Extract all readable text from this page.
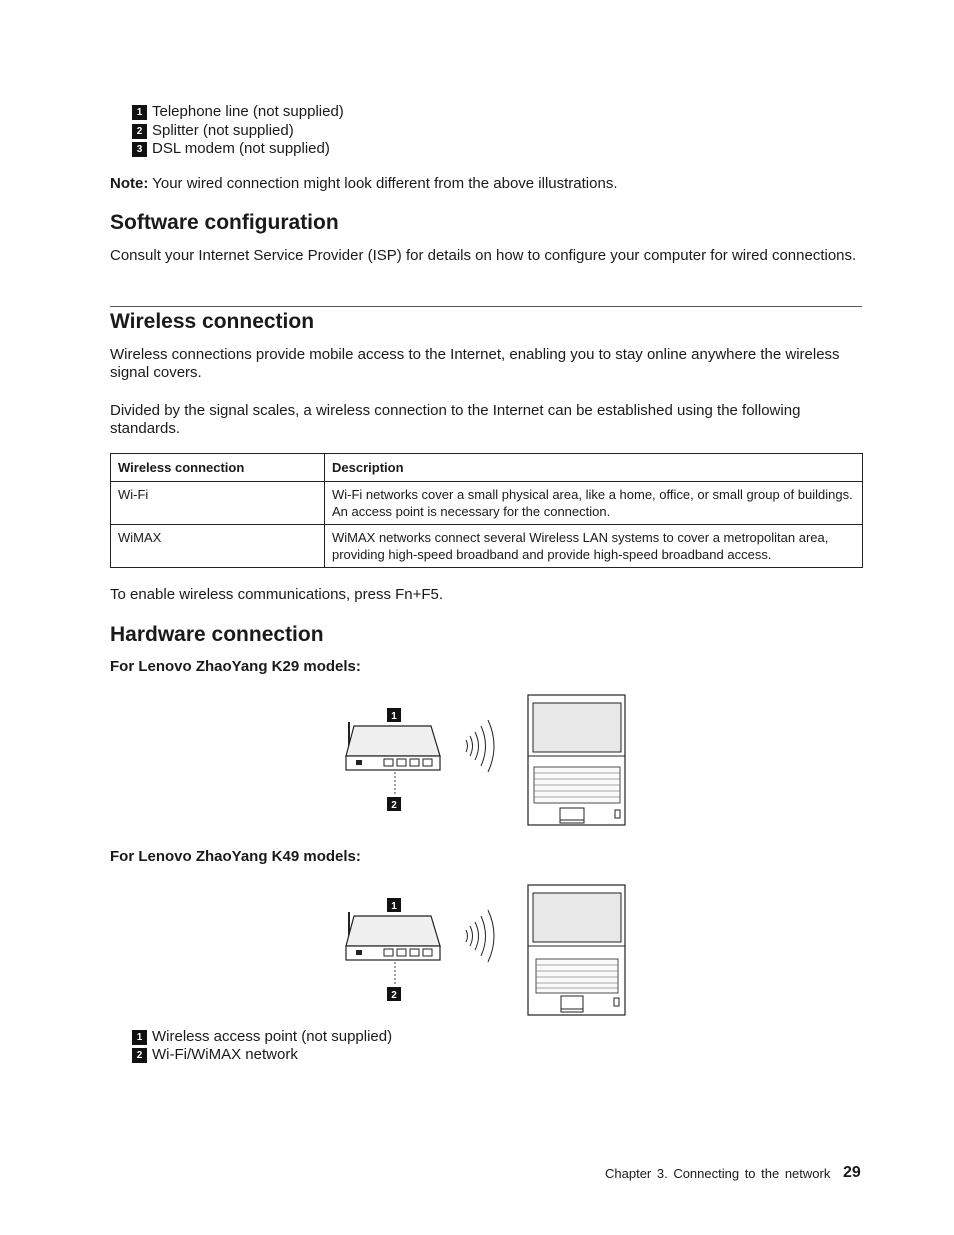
1 Telephone line (not supplied)
2 Splitter (not supplied)
3 DSL modem (not supplied)
Note: Your wired connection might look different from the above illustrations.
Software configuration
Consult your Internet Service Provider (ISP) for details on how to configure your computer for wired connections.
Wireless connection
Wireless connections provide mobile access to the Internet, enabling you to stay online anywhere the wireless signal covers.
Divided by the signal scales, a wireless connection to the Internet can be established using the following standards.
Wireless connection	Description
Wi-Fi	Wi-Fi networks cover a small physical area, like a home, office, or small group of buildings. An access point is necessary for the connection.
WiMAX	WiMAX networks connect several Wireless LAN systems to cover a metropolitan area, providing high-speed broadband and provide high-speed broadband access.
To enable wireless communications, press Fn+F5.
Hardware connection
For Lenovo ZhaoYang K29 models:
1
2
For Lenovo ZhaoYang K49 models:
1
2
1 Wireless access point (not supplied)
2 Wi-Fi/WiMAX network
Chapter 3. Connecting to the network 29
